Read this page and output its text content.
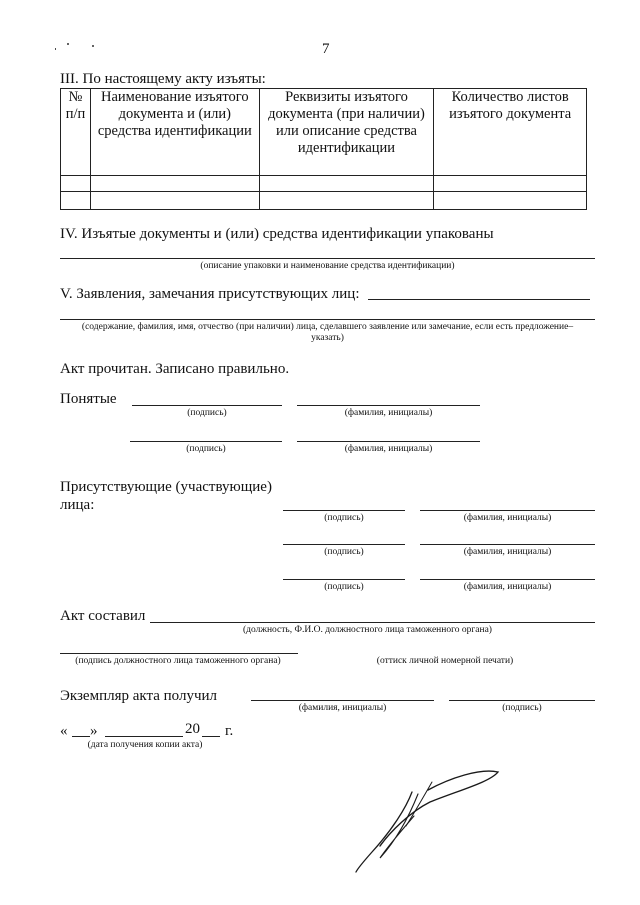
7
III. По настоящему акту изъяты:
№ п/п	Наименование изъятого документа и (или) средства идентификации	Реквизиты изъятого документа (при наличии) или описание средства идентификации	Количество листов изъятого документа

IV. Изъятые документы и (или) средства идентификации упакованы
(описание упаковки и наименование средства идентификации)
V. Заявления, замечания присутствующих лиц:
(содержание, фамилия, имя, отчество (при наличии) лица, сделавшего заявление или замечание, если есть предложение–указать)
Акт прочитан. Записано правильно.
Понятые
(подпись)	(фамилия, инициалы)
(подпись)	(фамилия, инициалы)
Присутствующие (участвующие)
лица:
(подпись)	(фамилия, инициалы)
(подпись)	(фамилия, инициалы)
(подпись)	(фамилия, инициалы)
Акт составил
(должность, Ф.И.О. должностного лица таможенного органа)
(подпись должностного лица таможенного органа)	(оттиск личной номерной печати)
Экземпляр акта получил
(фамилия, инициалы)	(подпись)
« »	20 г.
(дата получения копии акта)
